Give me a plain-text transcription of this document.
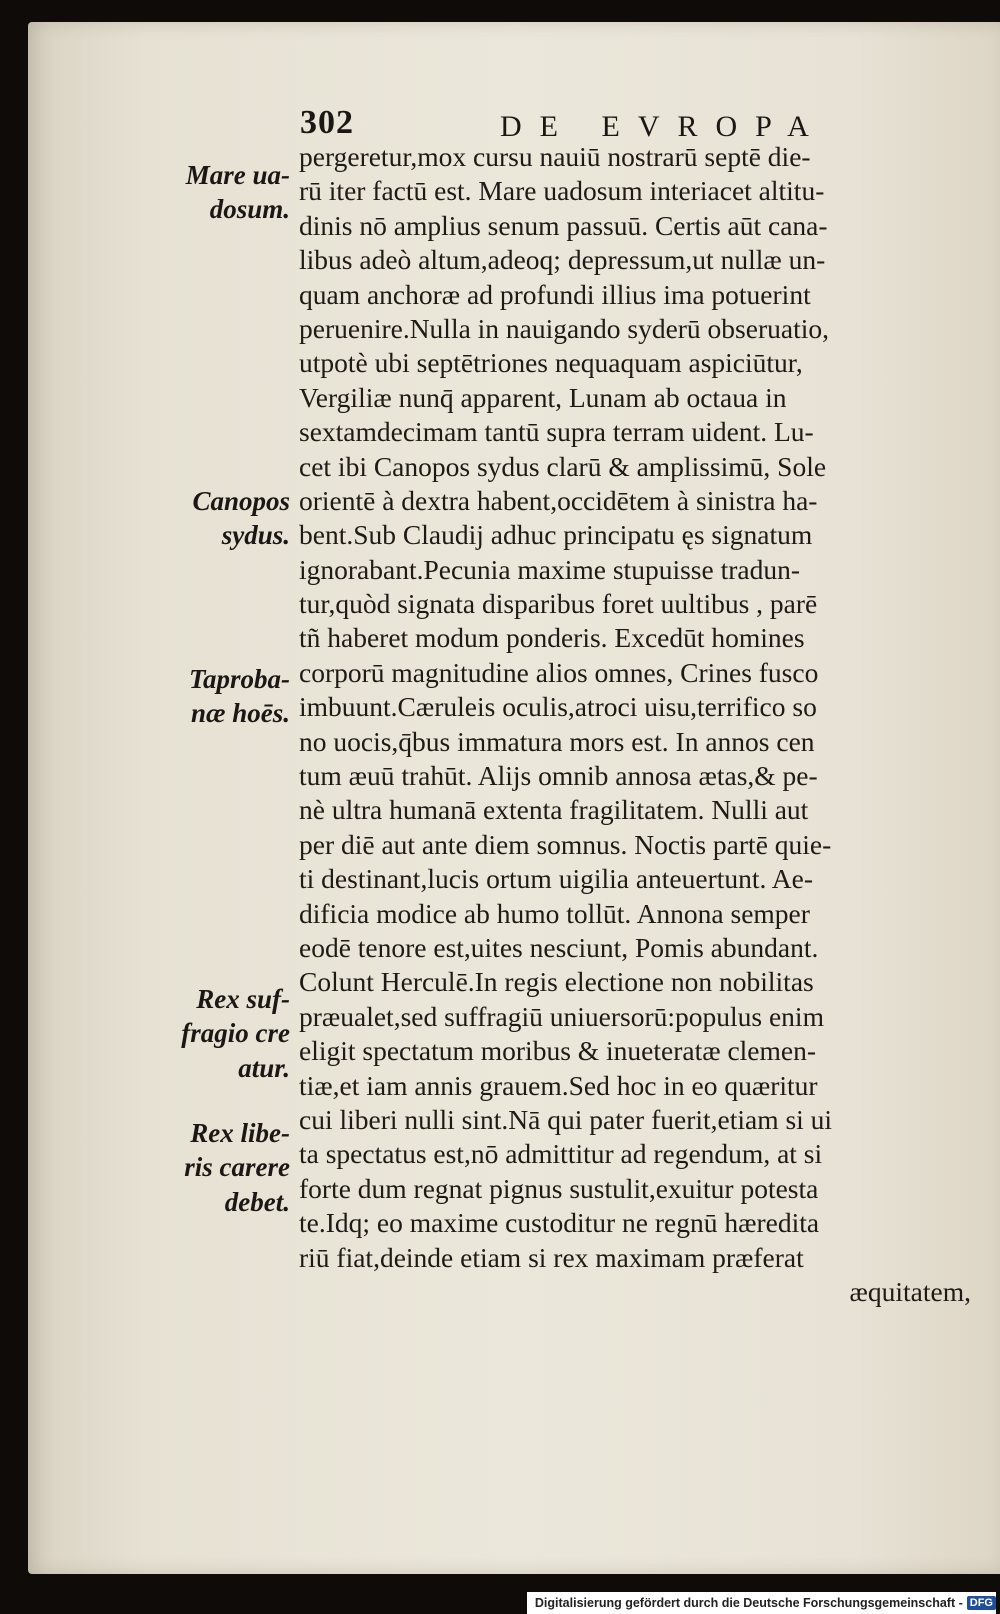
302	DE EVROPA
pergeretur,mox cursu nauiū nostrarū septē die-
rū iter factū est. Mare uadosum interiacet altitu-
dinis nō amplius senum passuū. Certis aūt cana-
libus adeò altum,adeoq; depressum,ut nullæ un-
quam anchoræ ad profundi illius ima potuerint
peruenire.Nulla in nauigando syderū obseruatio,
utpotè ubi septētriones nequaquam aspiciūtur,
Vergiliæ nunq̄ apparent, Lunam ab octaua in
sextamdecimam tantū supra terram uident. Lu-
cet ibi Canopos sydus clarū & amplissimū, Sole
orientē à dextra habent,occidētem à sinistra ha-
bent.Sub Claudij adhuc principatu ęs signatum
ignorabant.Pecunia maxime stupuisse tradun-
tur,quòd signata disparibus foret uultibus , parē
tñ haberet modum ponderis. Excedūt homines
corporū magnitudine alios omnes, Crines fusco
imbuunt.Cæruleis oculis,atroci uisu,terrifico so
no uocis,q̄bus immatura mors est. In annos cen
tum æuū trahūt. Alijs omnib annosa ætas,& pe-
nè ultra humanā extenta fragilitatem. Nulli aut
per diē aut ante diem somnus. Noctis partē quie-
ti destinant,lucis ortum uigilia anteuertunt. Ae-
dificia modice ab humo tollūt. Annona semper
eodē tenore est,uites nesciunt, Pomis abundant.
Colunt Herculē.In regis electione non nobilitas
præualet,sed suffragiū uniuersorū:populus enim
eligit spectatum moribus & inueteratæ clemen-
tiæ,et iam annis grauem.Sed hoc in eo quæritur
cui liberi nulli sint.Nā qui pater fuerit,etiam si ui
ta spectatus est,nō admittitur ad regendum, at si
forte dum regnat pignus sustulit,exuitur potesta
te.Idq; eo maxime custoditur ne regnū hæredita
riū fiat,deinde etiam si rex maximam præferat
æquitatem,
Mare ua-
dosum.
Canopos
sydus.
Taproba-
næ hoēs.
Rex suf-
fragio cre
atur.
Rex libe-
ris carere
debet.
Digitalisierung gefördert durch die Deutsche Forschungsgemeinschaft - DFG
